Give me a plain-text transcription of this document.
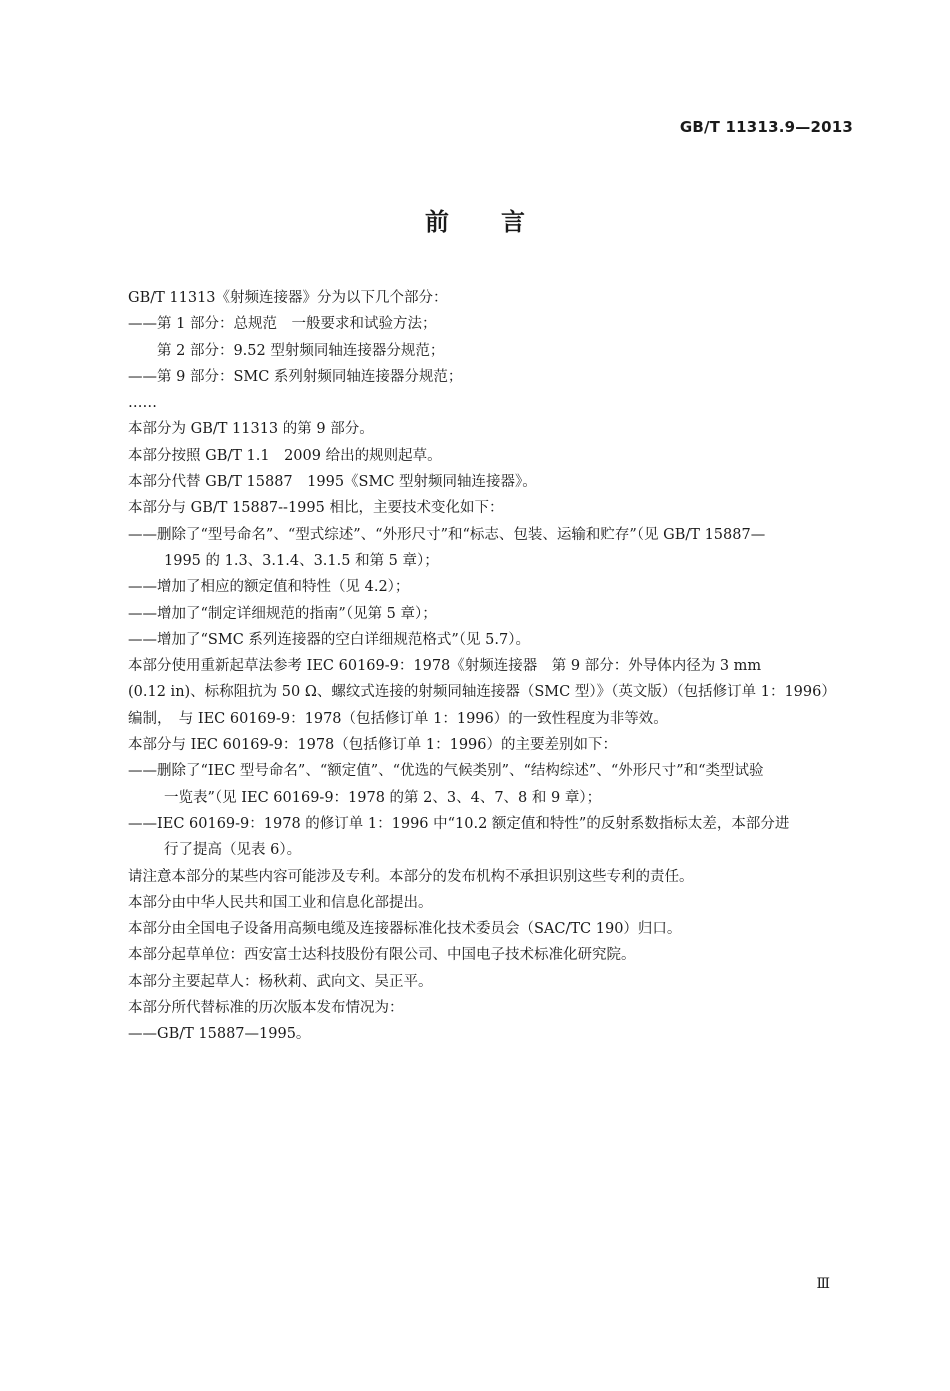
GB/T 11313.9—2013
前言

GB/T 11313《射频连接器》分为以下几个部分：

——第 1 部分：总规范　一般要求和试验方法；

　　第 2 部分：9.52 型射频同轴连接器分规范；

——第 9 部分：SMC 系列射频同轴连接器分规范；

……

本部分为 GB/T 11313 的第 9 部分。

本部分按照 GB/T 1.1　2009 给出的规则起草。

本部分代替 GB/T 15887　1995《SMC 型射频同轴连接器》。

本部分与 GB/T 15887--1995 相比，主要技术变化如下：

——删除了“型号命名”、“型式综述”、“外形尺寸”和“标志、包装、运输和贮存”（见 GB/T 15887—

1995 的 1.3、3.1.4、3.1.5 和第 5 章）；

——增加了相应的额定值和特性（见 4.2）；

——增加了“制定详细规范的指南”（见第 5 章）；

——增加了“SMC 系列连接器的空白详细规范格式”（见 5.7）。

本部分使用重新起草法参考 IEC 60169-9：1978《射频连接器　第 9 部分：外导体内径为 3 mm

(0.12 in)、标称阻抗为 50 Ω、螺纹式连接的射频同轴连接器（SMC 型）》（英文版）（包括修订单 1：1996）

编制，　与 IEC 60169-9：1978（包括修订单 1：1996）的一致性程度为非等效。

本部分与 IEC 60169-9：1978（包括修订单 1：1996）的主要差别如下：

——删除了“IEC 型号命名”、“额定值”、“优选的气候类别”、“结构综述”、“外形尺寸”和“类型试验

一览表”（见 IEC 60169-9：1978 的第 2、3、4、7、8 和 9 章）；

——IEC 60169-9：1978 的修订单 1：1996 中“10.2 额定值和特性”的反射系数指标太差，本部分进

行了提高（见表 6）。

请注意本部分的某些内容可能涉及专利。本部分的发布机构不承担识别这些专利的责任。

本部分由中华人民共和国工业和信息化部提出。

本部分由全国电子设备用高频电缆及连接器标准化技术委员会（SAC/TC 190）归口。

本部分起草单位：西安富士达科技股份有限公司、中国电子技术标准化研究院。

本部分主要起草人：杨秋莉、武向文、吴正平。

本部分所代替标准的历次版本发布情况为：

——GB/T 15887—1995。

Ⅲ
